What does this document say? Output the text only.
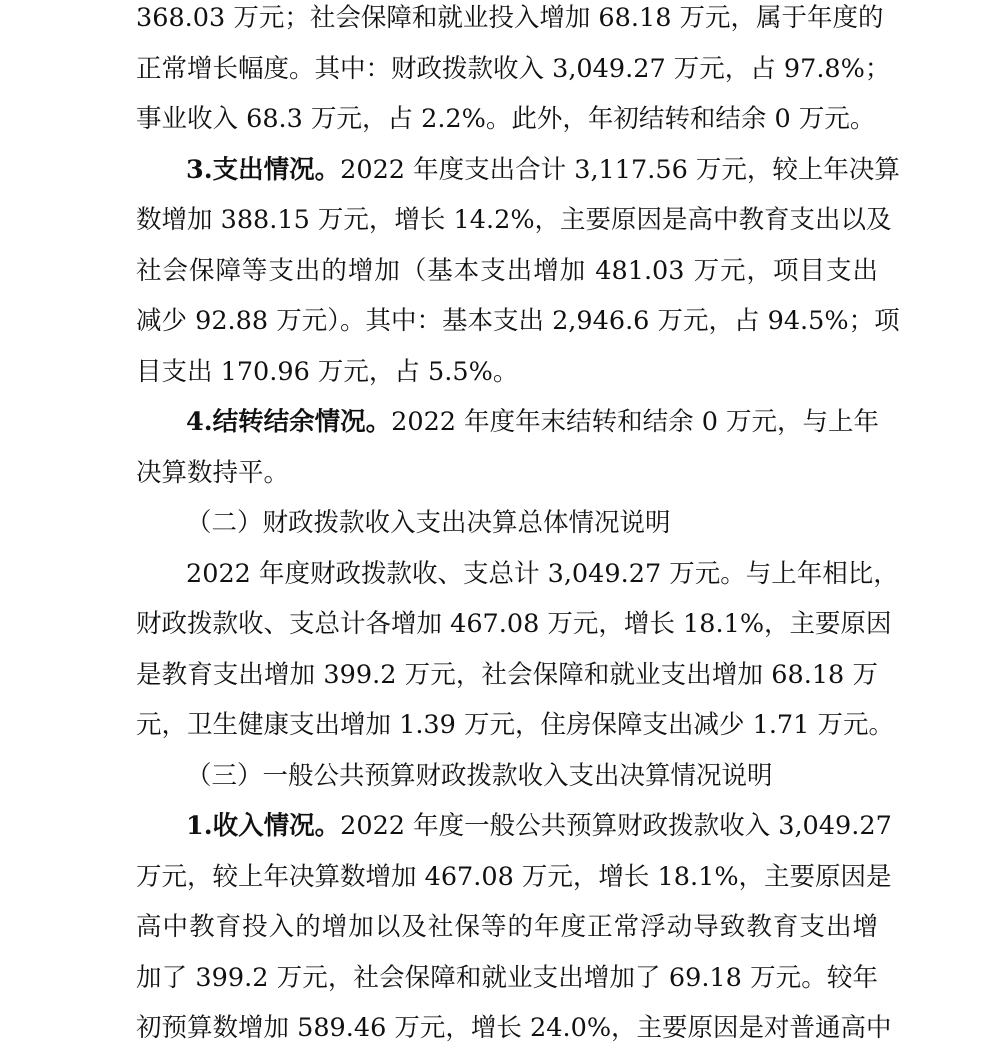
368.03 万元；社会保障和就业投入增加 68.18 万元，属于年度的
正常增长幅度。其中：财政拨款收入 3,049.27 万元，占 97.8%；
事业收入 68.3 万元，占 2.2%。此外，年初结转和结余 0 万元。
3.支出情况。2022 年度支出合计 3,117.56 万元，较上年决算
数增加 388.15 万元，增长 14.2%，主要原因是高中教育支出以及
社会保障等支出的增加（基本支出增加 481.03 万元，项目支出
减少 92.88 万元）。其中：基本支出 2,946.6 万元，占 94.5%；项
目支出 170.96 万元，占 5.5%。
4.结转结余情况。2022 年度年末结转和结余 0 万元，与上年
决算数持平。
（二）财政拨款收入支出决算总体情况说明
2022 年度财政拨款收、支总计 3,049.27 万元。与上年相比，
财政拨款收、支总计各增加 467.08 万元，增长 18.1%，主要原因
是教育支出增加 399.2 万元，社会保障和就业支出增加 68.18 万
元，卫生健康支出增加 1.39 万元，住房保障支出减少 1.71 万元。
（三）一般公共预算财政拨款收入支出决算情况说明
1.收入情况。2022 年度一般公共预算财政拨款收入 3,049.27
万元，较上年决算数增加 467.08 万元，增长 18.1%，主要原因是
高中教育投入的增加以及社保等的年度正常浮动导致教育支出增
加了 399.2 万元，社会保障和就业支出增加了 69.18 万元。较年
初预算数增加 589.46 万元，增长 24.0%，主要原因是对普通高中
